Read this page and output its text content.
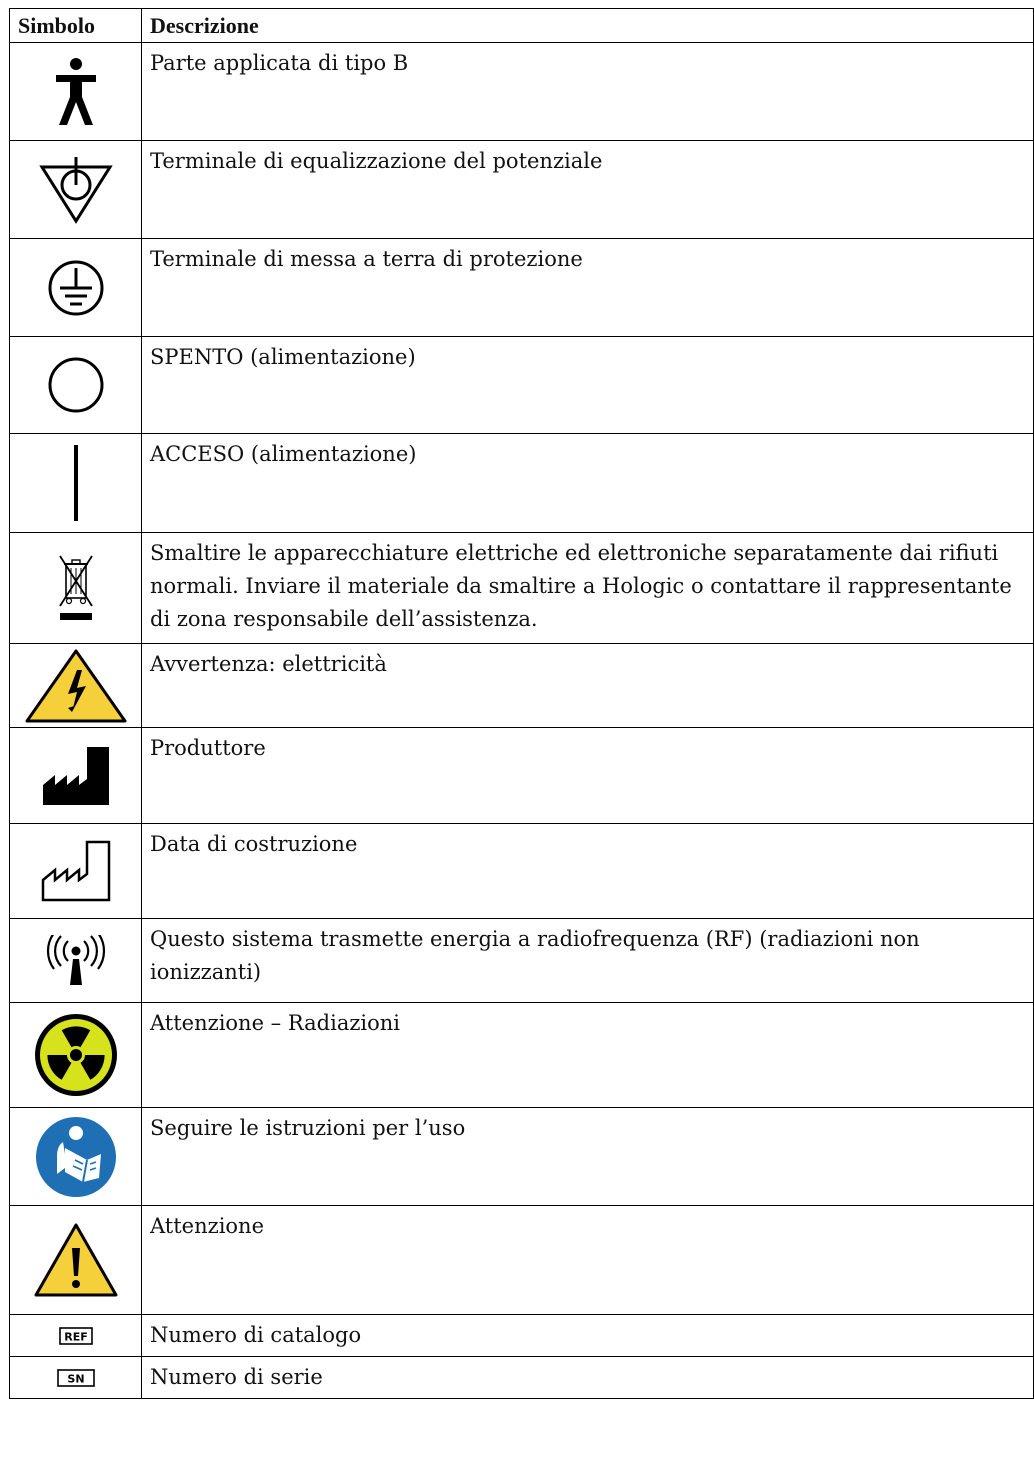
Simbolo	Descrizione

	Parte applicata di tipo B

	Terminale di equalizzazione del potenziale

	Terminale di messa a terra di protezione

	SPENTO (alimentazione)

	ACCESO (alimentazione)

	Smaltire le apparecchiature elettriche ed elettroniche separatamente dai rifiuti normali. Inviare il materiale da smaltire a Hologic o contattare il rappresentante di zona responsabile dell’assistenza.

	Avvertenza: elettricità

	Produttore

	Data di costruzione

	Questo sistema trasmette energia a radiofrequenza (RF) (radiazioni non ionizzanti)

	Attenzione – Radiazioni

	Seguire le istruzioni per l’uso

	Attenzione

REF	Numero di catalogo

SN	Numero di serie
